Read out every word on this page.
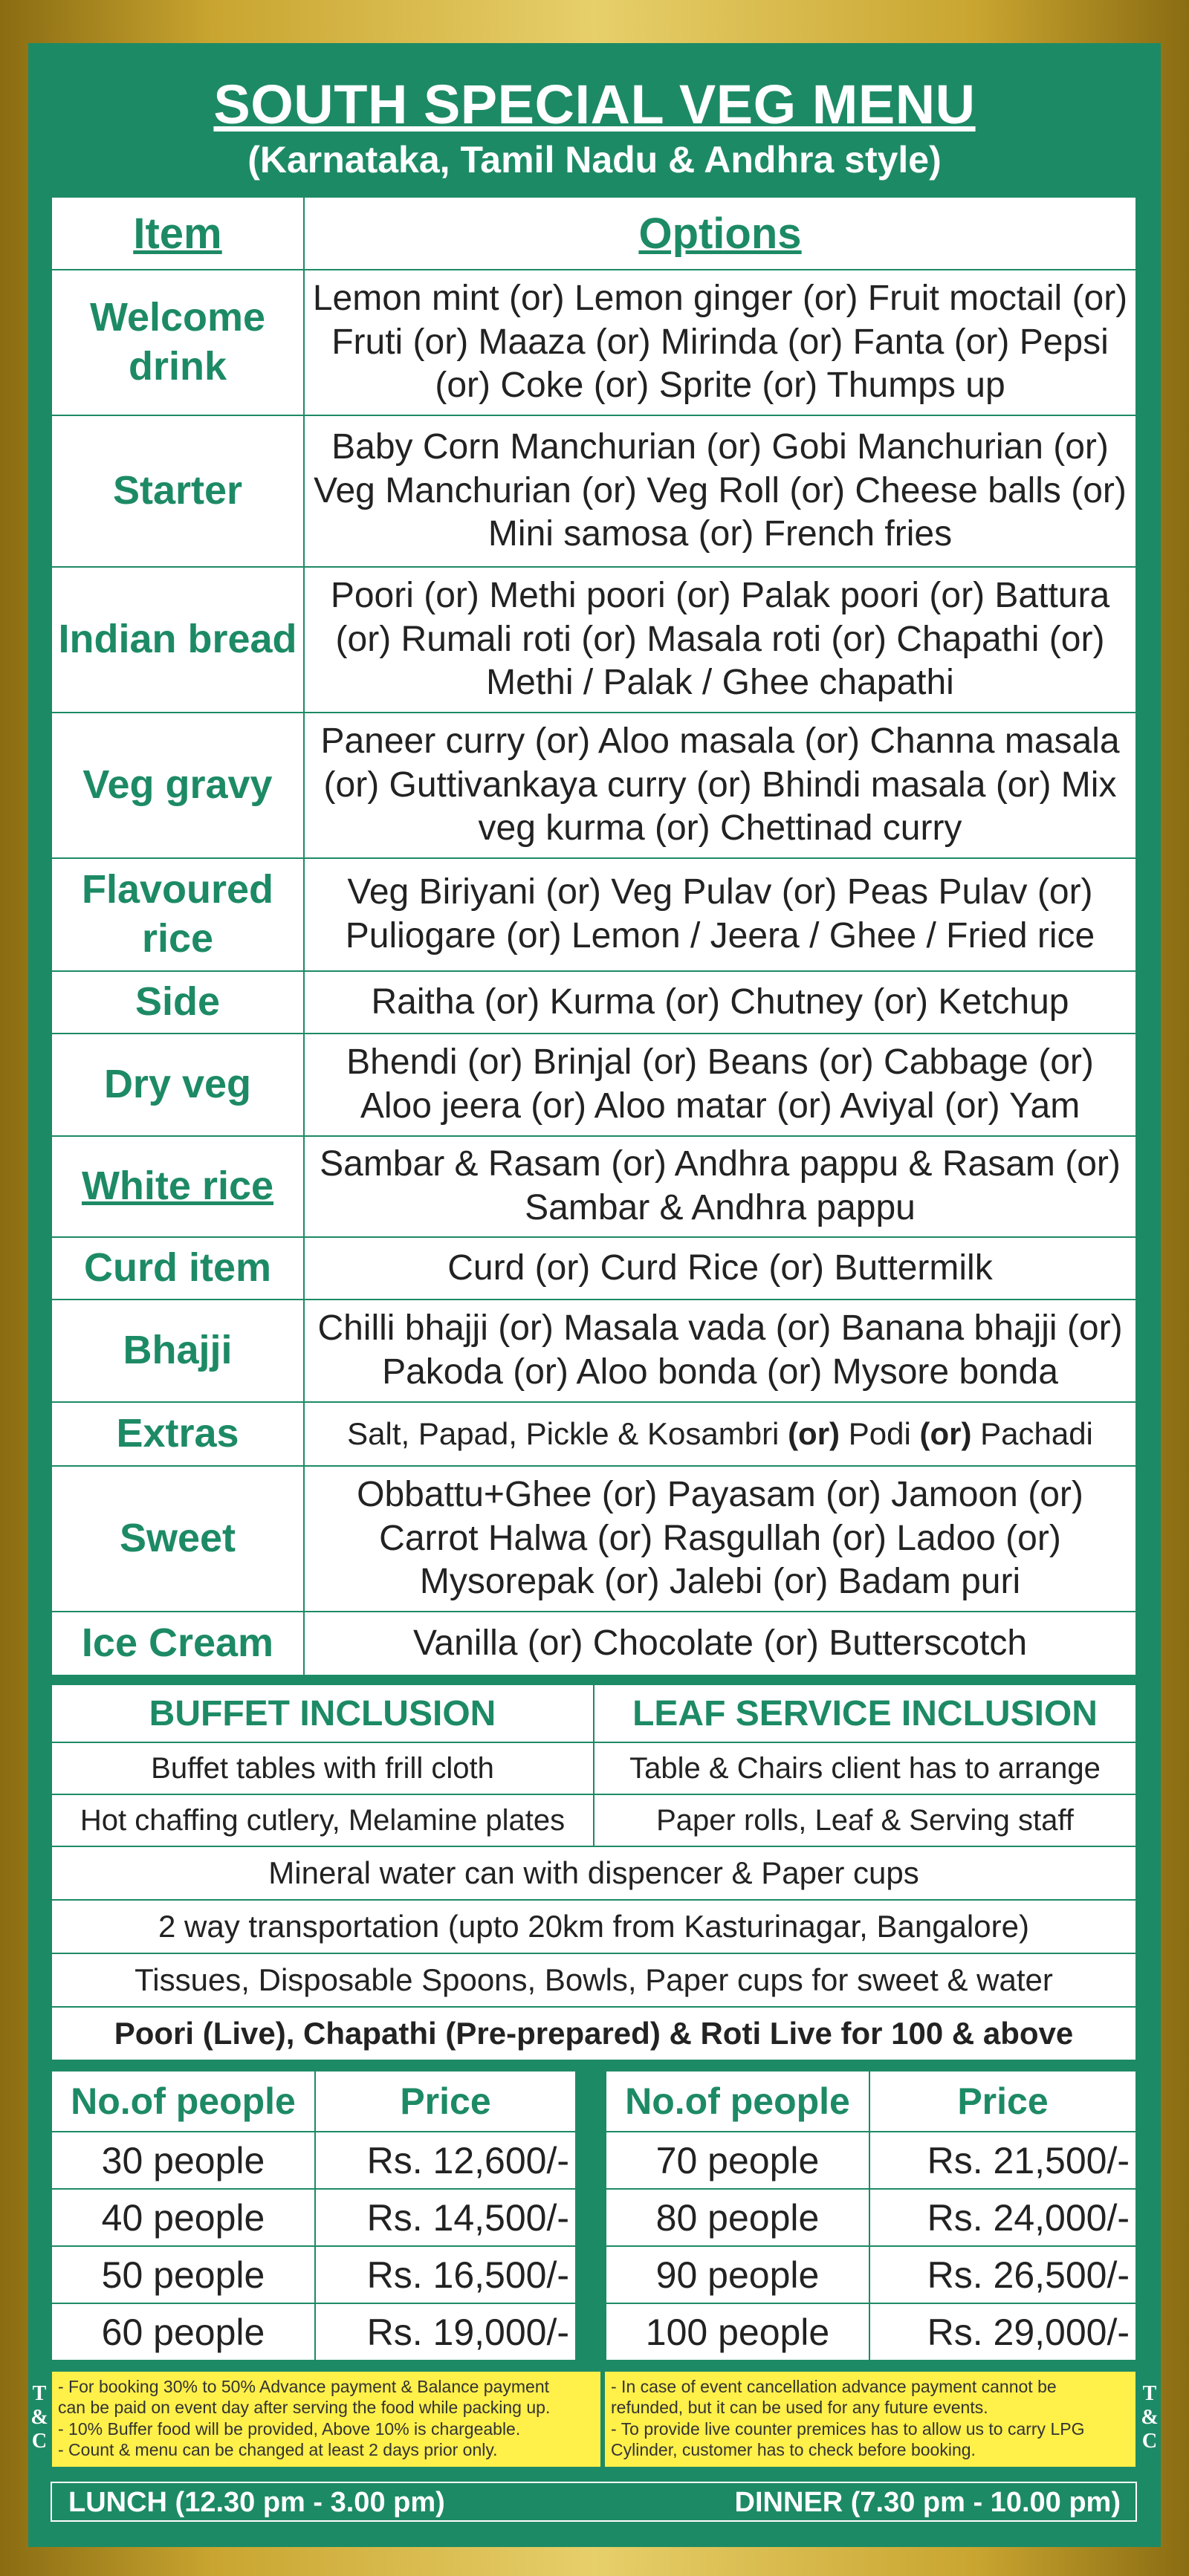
SOUTH SPECIAL VEG MENU
(Karnataka, Tamil Nadu & Andhra style)
Item	Options
Welcome drink	Lemon mint (or) Lemon ginger (or) Fruit moctail (or) Fruti (or) Maaza (or) Mirinda (or) Fanta (or) Pepsi (or) Coke (or) Sprite (or) Thumps up
Starter	Baby Corn Manchurian (or) Gobi Manchurian (or) Veg Manchurian (or) Veg Roll (or) Cheese balls (or) Mini samosa (or) French fries
Indian bread	Poori (or) Methi poori (or) Palak poori (or) Battura (or) Rumali roti (or) Masala roti (or) Chapathi (or) Methi / Palak / Ghee chapathi
Veg gravy	Paneer curry (or) Aloo masala (or) Channa masala (or) Guttivankaya curry (or) Bhindi masala (or) Mix veg kurma (or) Chettinad curry
Flavoured rice	Veg Biriyani (or) Veg Pulav (or) Peas Pulav (or) Puliogare (or) Lemon / Jeera / Ghee / Fried rice
Side	Raitha (or) Kurma (or) Chutney (or) Ketchup
Dry veg	Bhendi (or) Brinjal (or) Beans (or) Cabbage (or) Aloo jeera (or) Aloo matar (or) Aviyal (or) Yam
White rice	Sambar & Rasam (or) Andhra pappu & Rasam (or) Sambar & Andhra pappu
Curd item	Curd (or) Curd Rice (or) Buttermilk
Bhajji	Chilli bhajji (or) Masala vada (or) Banana bhajji (or) Pakoda (or) Aloo bonda (or) Mysore bonda
Extras	Salt, Papad, Pickle & Kosambri (or) Podi (or) Pachadi
Sweet	Obbattu+Ghee (or) Payasam (or) Jamoon (or) Carrot Halwa (or) Rasgullah (or) Ladoo (or) Mysorepak (or) Jalebi (or) Badam puri
Ice Cream	Vanilla (or) Chocolate (or) Butterscotch
BUFFET INCLUSION	LEAF SERVICE INCLUSION
Buffet tables with frill cloth	Table & Chairs client has to arrange
Hot chaffing cutlery, Melamine plates	Paper rolls, Leaf & Serving staff
Mineral water can with dispencer & Paper cups	
2 way transportation (upto 20km from Kasturinagar, Bangalore)	
Tissues, Disposable Spoons, Bowls, Paper cups for sweet & water	
Poori (Live), Chapathi (Pre-prepared) & Roti Live for 100 & above	
No.of people	Price
30 people	Rs. 12,600/-
40 people	Rs. 14,500/-
50 people	Rs. 16,500/-
60 people	Rs. 19,000/-
No.of people	Price
70 people	Rs. 21,500/-
80 people	Rs. 24,000/-
90 people	Rs. 26,500/-
100 people	Rs. 29,000/-
T
&
C
T
&
C
- For booking 30% to 50% Advance payment & Balance payment
can be paid on event day after serving the food while packing up.
- 10% Buffer food will be provided, Above 10% is chargeable.
- Count & menu can be changed at least 2 days prior only.
- In case of event cancellation advance payment cannot be
refunded, but it can be used for any future events.
- To provide live counter premices has to allow us to carry LPG
Cylinder, customer has to check before booking.
LUNCH (12.30 pm - 3.00 pm)	DINNER (7.30 pm - 10.00 pm)
